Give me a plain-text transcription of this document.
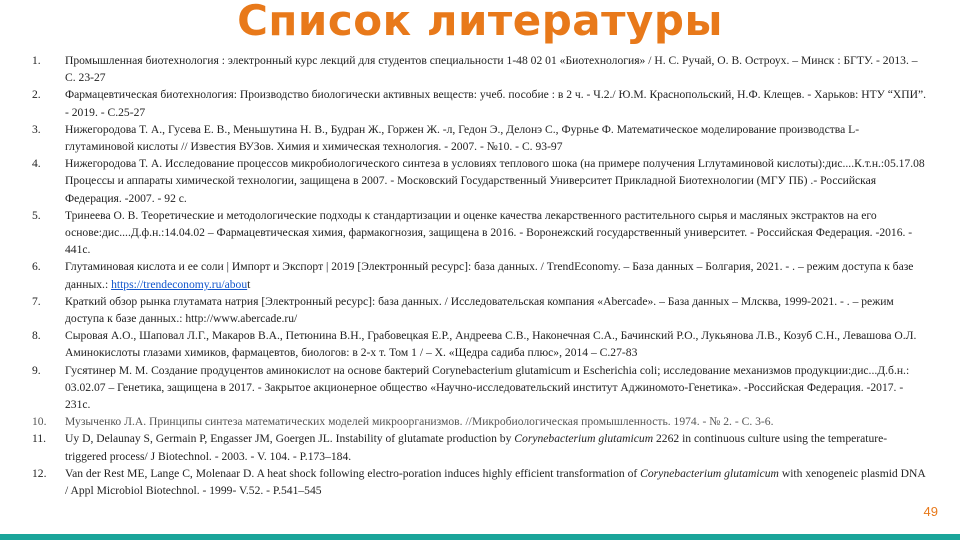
Список литературы
1.	Промышленная биотехнология : электронный курс лекций для студентов специальности 1-48 02 01 «Биотехнология» / Н. С. Ручай, О. В. Остроух. – Минск : БГТУ. - 2013. – С. 23-27
2.	Фармацевтическая биотехнология: Производство биологически активных веществ: учеб. пособие : в 2 ч. - Ч.2./ Ю.М. Краснопольский, Н.Ф. Клещев. - Харьков: НТУ “ХПИ”. - 2019. - С.25-27
3.	Нижегородова Т. А., Гусева Е. В., Меньшутина Н. В., Будран Ж., Горжен Ж. -л, Гедон Э., Делонэ С., Фурнье Ф. Математическое моделирование производства L-глутаминовой кислоты // Известия ВУЗов. Химия и химическая технология. - 2007. - №10. - С. 93-97
4.	Нижегородова Т. А. Исследование процессов микробиологического синтеза в условиях теплового шока (на примере получения Lглутаминовой кислоты):дис....К.т.н.:05.17.08 Процессы и аппараты химической технологии, защищена в 2007. - Московский Государственный Университет Прикладной Биотехнологии (МГУ ПБ) .- Российская Федерация. -2007. - 92 с.
5.	Тринеева О. В. Теоретические и методологические подходы к стандартизации и оценке качества лекарственного растительного сырья и масляных экстрактов на его основе:дис....Д.ф.н.:14.04.02 – Фармацевтическая химия, фармакогнозия, защищена в 2016. - Воронежский государственный университет. - Российская Федерация. -2016. - 441с.
6.	Глутаминовая кислота и ее соли | Импорт и Экспорт | 2019 [Электронный ресурс]: база данных. / TrendEconomy. – База данных – Болгария, 2021. - . – режим доступа к базе данных.: https://trendeconomy.ru/about
7.	Краткий обзор рынка глутамата натрия [Электронный ресурс]: база данных. / Исследовательская компания «Abercade». – База данных – Млсква, 1999-2021. - . – режим доступа к базе данных.: http://www.abercade.ru/
8.	Сыровая А.О., Шаповал Л.Г., Макаров В.А., Петюнина В.Н., Грабовецкая Е.Р., Андреева С.В., Наконечная С.А., Бачинский Р.О., Лукьянова Л.В., Козуб С.Н., Левашова О.Л. Аминокислоты глазами химиков, фармацевтов, биологов: в 2-х т. Том 1 / – Х. «Щедра садиба плюс», 2014 – С.27-83
9.	Гусятинер М. М. Создание продуцентов аминокислот на основе бактерий Corynebacterium glutamicum и Escherichia coli; исследование механизмов продукции:дис...Д.б.н.: 03.02.07 – Генетика, защищена в 2017. - Закрытое акционерное общество «Научно-исследовательский институт Аджиномото-Генетика». -Российская Федерация. -2017. - 231с.
10.	Музыченко Л.А. Принципы синтеза математических моделей микроорганизмов. //Микробиологическая промышленность. 1974. - № 2. - С. 3-6.
11.	Uy D, Delaunay S, Germain P, Engasser JM, Goergen JL. Instability of glutamate production by Corynebacterium glutamicum 2262 in continuous culture using the temperature-triggered process/ J Biotechnol. - 2003. - V. 104. - P.173–184.
12.	Van der Rest ME, Lange C, Molenaar D. A heat shock following electro-poration induces highly efficient transformation of Corynebacterium glutamicum with xenogeneic plasmid DNA / Appl Microbiol Biotechnol. - 1999- V.52. - P.541–545
49
